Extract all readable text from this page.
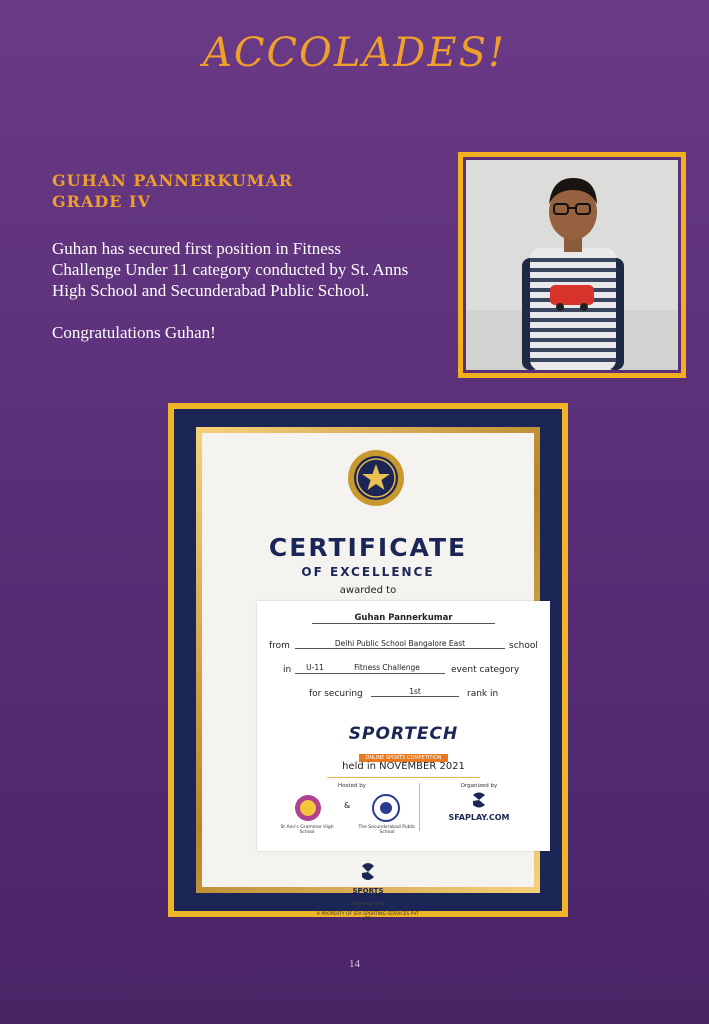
ACCOLADES!
GUHAN PANNERKUMAR
GRADE IV

Guhan has secured first position in Fitness Challenge Under 11 category conducted by St. Anns High School and Secunderabad Public School.

Congratulations Guhan!

CERTIFICATE
OF EXCELLENCE
awarded to
Guhan Pannerkumar
from	Delhi Public School Bangalore East	school
in	U-11	Fitness Challenge	event category
for securing	1st	rank in
SPORTECH
ONLINE SPORTS COMPETITION
held in NOVEMBER 2021
Hosted by
&
St Ann's Grammar High School
The Secunderabad Public School
Organized by
SFAPLAY.COM
SPORTS
FOR ALL
Ab Jeetega India
A PROPERTY OF SFA SPORTING SERVICES PVT LTD.
14
